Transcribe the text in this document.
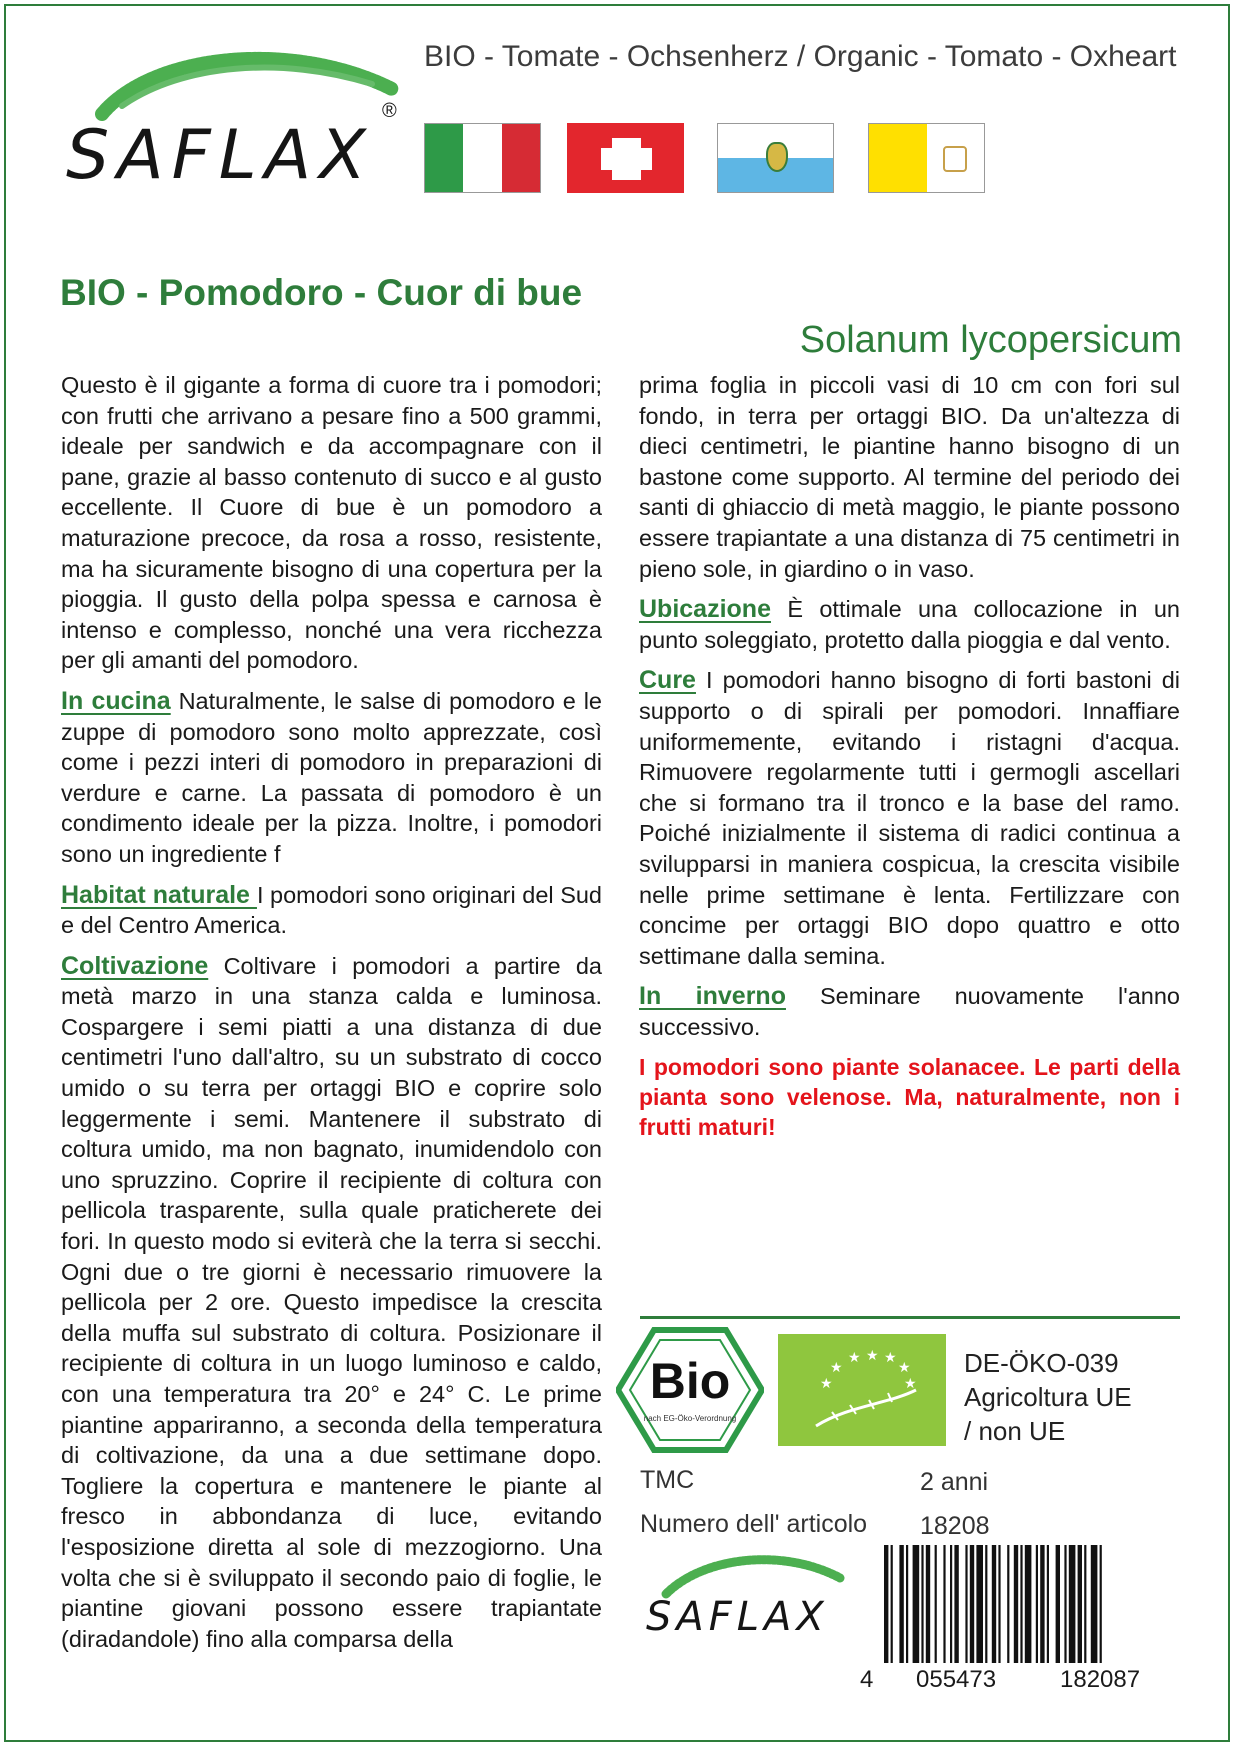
SAFLAX
®
BIO - Tomate - Ochsenherz / Organic - Tomato - Oxheart
BIO - Pomodoro - Cuor di bue
Solanum lycopersicum

Questo è il gigante a forma di cuore tra i pomodori; con frutti che arrivano a pesare fino a 500 grammi, ideale per sandwich e da accompagnare con il pane, grazie al basso contenuto di succo e al gusto eccellente. Il Cuore di bue è un pomodoro a maturazione precoce, da rosa a rosso, resistente, ma ha sicuramente bisogno di una copertura per la pioggia. Il gusto della polpa spessa e carnosa è intenso e complesso, nonché una vera ricchezza per gli amanti del pomodoro.

In cucina Naturalmente, le salse di pomodoro e le zuppe di pomodoro sono molto apprezzate, così come i pezzi interi di pomodoro in preparazioni di verdure e carne. La passata di pomodoro è un condimento ideale per la pizza. Inoltre, i pomodori sono un ingrediente f

Habitat naturale I pomodori sono originari del Sud e del Centro America.

Coltivazione Coltivare i pomodori a partire da metà marzo in una stanza calda e luminosa. Cospargere i semi piatti a una distanza di due centimetri l'uno dall'altro, su un substrato di cocco umido o su terra per ortaggi BIO e coprire solo leggermente i semi. Mantenere il substrato di coltura umido, ma non bagnato, inumidendolo con uno spruzzino. Coprire il recipiente di coltura con pellicola trasparente, sulla quale praticherete dei fori. In questo modo si eviterà che la terra si secchi. Ogni due o tre giorni è necessario rimuovere la pellicola per 2 ore. Questo impedisce la crescita della muffa sul substrato di coltura. Posizionare il recipiente di coltura in un luogo luminoso e caldo, con una temperatura tra 20° e 24° C. Le prime piantine appariranno, a seconda della temperatura di coltivazione, da una a due settimane dopo. Togliere la copertura e mantenere le piante al fresco in abbondanza di luce, evitando l'esposizione diretta al sole di mezzogiorno. Una volta che si è sviluppato il secondo paio di foglie, le piantine giovani possono essere trapiantate (diradandole) fino alla comparsa della

prima foglia in piccoli vasi di 10 cm con fori sul fondo, in terra per ortaggi BIO. Da un'altezza di dieci centimetri, le piantine hanno bisogno di un bastone come supporto. Al termine del periodo dei santi di ghiaccio di metà maggio, le piante possono essere trapiantate a una distanza di 75 centimetri in pieno sole, in giardino o in vaso.

Ubicazione È ottimale una collocazione in un punto soleggiato, protetto dalla pioggia e dal vento.

Cure I pomodori hanno bisogno di forti bastoni di supporto o di spirali per pomodori. Innaffiare uniformemente, evitando i ristagni d'acqua. Rimuovere regolarmente tutti i germogli ascellari che si formano tra il tronco e la base del ramo. Poiché inizialmente il sistema di radici continua a svilupparsi in maniera cospicua, la crescita visibile nelle prime settimane è lenta. Fertilizzare con concime per ortaggi BIO dopo quattro e otto settimane dalla semina.

In inverno Seminare nuovamente l'anno successivo.

I pomodori sono piante solanacee. Le parti della pianta sono velenose. Ma, naturalmente, non i frutti maturi!

Bio
nach EG-Öko-Verordnung
★ ★ ★
★
★
★
★
DE-ÖKO-039
Agricoltura UE
/ non UE
TMC	2 anni
Numero dell' articolo 18208
SAFLAX
4 055473	182087
